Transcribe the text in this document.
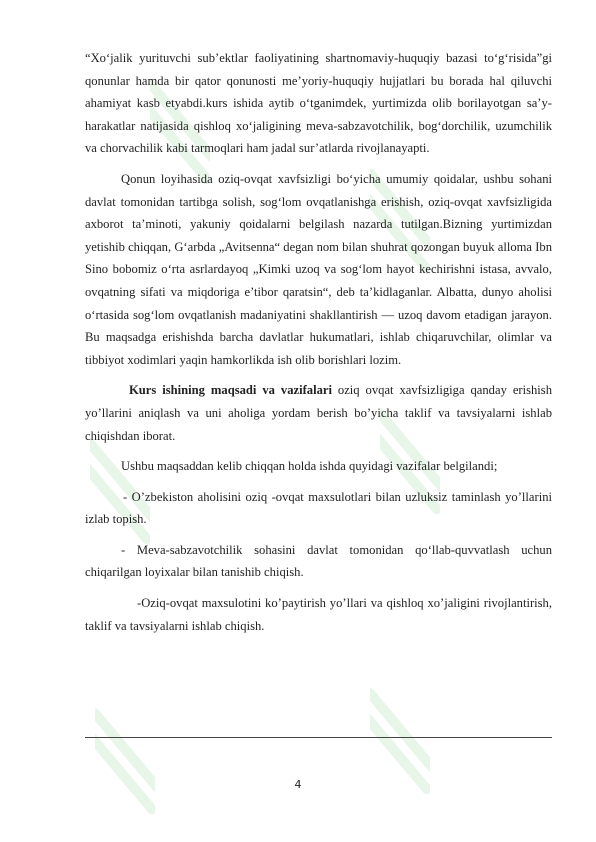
“Xo‘jalik yurituvchi sub’ektlar faoliyatining shartnomaviy-huquqiy bazasi to‘g‘risida”gi qonunlar hamda bir qator qonunosti me’yoriy-huquqiy hujjatlari bu borada hal qiluvchi ahamiyat kasb etyabdi.kurs ishida aytib o‘tganimdek, yurtimizda olib borilayotgan sa’y-harakatlar natijasida qishloq xo‘jaligining meva-sabzavotchilik, bog‘dorchilik, uzumchilik va chorvachilik kabi tarmoqlari ham jadal sur’atlarda rivojlanayapti.

Qonun loyihasida oziq-ovqat xavfsizligi bo‘yicha umumiy qoidalar, ushbu sohani davlat tomonidan tartibga solish, sog‘lom ovqatlanishga erishish, oziq-ovqat xavfsizligida axborot ta’minoti, yakuniy qoidalarni belgilash nazarda tutilgan.Bizning yurtimizdan yetishib chiqqan, G‘arbda „Avitsenna“ degan nom bilan shuhrat qozongan buyuk alloma Ibn Sino bobomiz o‘rta asrlardayoq „Kimki uzoq va sog‘lom hayot kechirishni istasa, avvalo, ovqatning sifati va miqdoriga e’tibor qaratsin“, deb ta’kidlaganlar. Albatta, dunyo aholisi o‘rtasida sog‘lom ovqatlanish madaniyatini shakllantirish — uzoq davom etadigan jarayon. Bu maqsadga erishishda barcha davlatlar hukumatlari, ishlab chiqaruvchilar, olimlar va tibbiyot xodimlari yaqin hamkorlikda ish olib borishlari lozim.

Kurs ishining maqsadi va vazifalari oziq ovqat xavfsizligiga qanday erishish yo’llarini aniqlash va uni aholiga yordam berish bo’yicha taklif va tavsiyalarni ishlab chiqishdan iborat.

Ushbu maqsaddan kelib chiqqan holda ishda quyidagi vazifalar belgilandi;

- O’zbekiston aholisini oziq -ovqat maxsulotlari bilan uzluksiz taminlash yo’llarini izlab topish.

- Meva-sabzavotchilik sohasini davlat tomonidan qo‘llab-quvvatlash uchun chiqarilgan loyixalar bilan tanishib chiqish.

-Oziq-ovqat maxsulotini ko’paytirish yo’llari va qishloq xo’jaligini rivojlantirish, taklif va tavsiyalarni ishlab chiqish.

4
